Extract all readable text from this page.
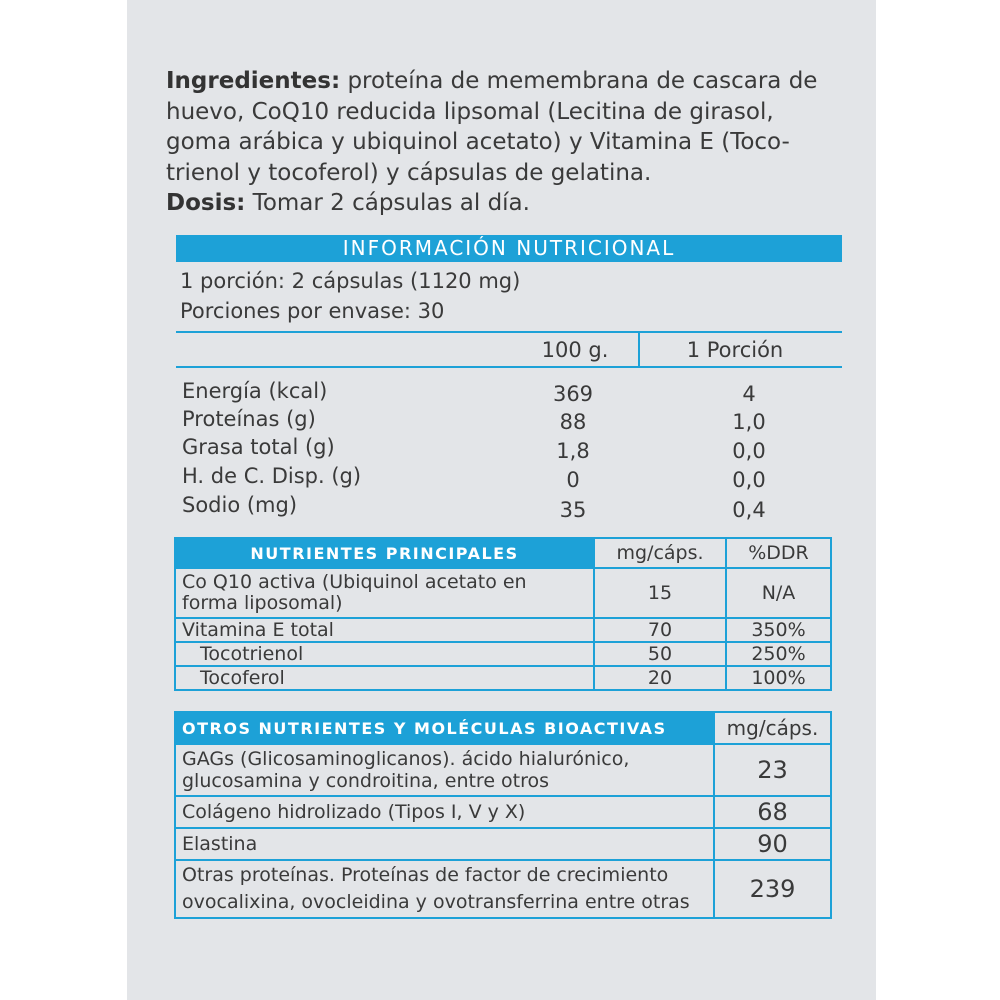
Ingredientes: proteína de memembrana de cascara de huevo, CoQ10 reducida lipsomal (Lecitina de girasol, goma arábica y ubiquinol acetato) y Vitamina E (Toco-trienol y tocoferol) y cápsulas de gelatina.
Dosis: Tomar 2 cápsulas al día.
INFORMACIÓN NUTRICIONAL
1 porción: 2 cápsulas (1120 mg)
Porciones por envase: 30
100 g.	1 Porción
Energía (kcal)	369	4
Proteínas (g)	88	1,0
Grasa total (g)	1,8	0,0
H. de C. Disp. (g)	0	0,0
Sodio (mg)	35	0,4
NUTRIENTES PRINCIPALES	mg/cáps.	%DDR
Co Q10 activa (Ubiquinol acetato en forma liposomal)	15	N/A
Vitamina E total	70	350%
Tocotrienol	50	250%
Tocoferol	20	100%
OTROS NUTRIENTES Y MOLÉCULAS BIOACTIVAS	mg/cáps.
GAGs (Glicosaminoglicanos). ácido hialurónico, glucosamina y condroitina, entre otros	23
Colágeno hidrolizado (Tipos I, V y X)	68
Elastina	90
Otras proteínas. Proteínas de factor de crecimiento ovocalixina, ovocleidina y ovotransferrina entre otras	239
